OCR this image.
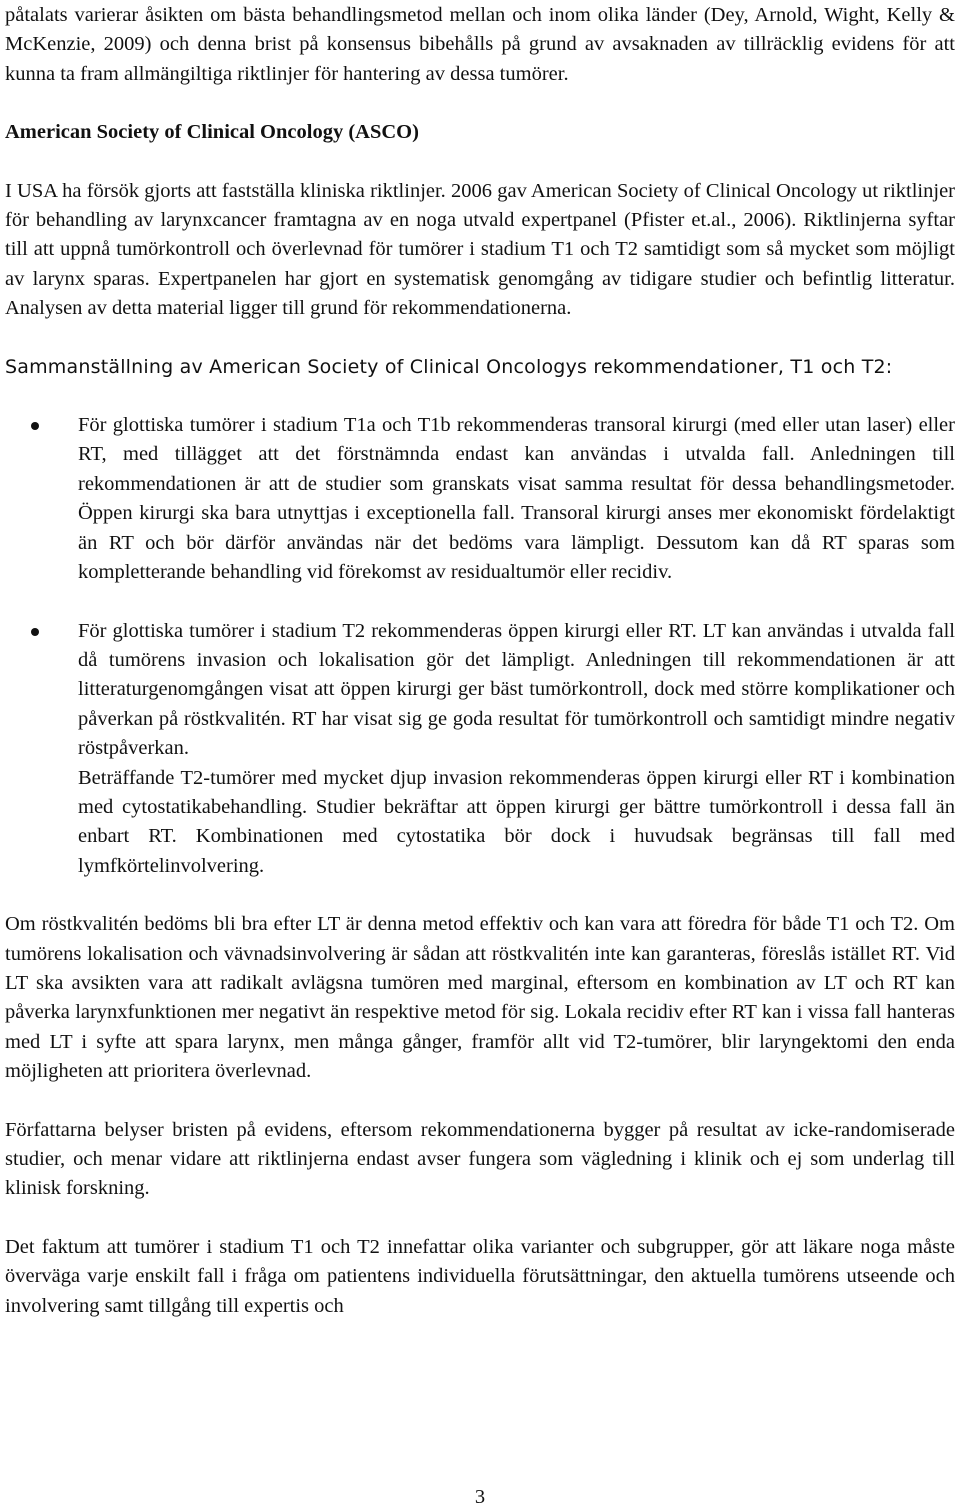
påtalats varierar åsikten om bästa behandlingsmetod mellan och inom olika länder (Dey, Arnold, Wight, Kelly & McKenzie, 2009) och denna brist på konsensus bibehålls på grund av avsaknaden av tillräcklig evidens för att kunna ta fram allmängiltiga riktlinjer för hantering av dessa tumörer.

American Society of Clinical Oncology (ASCO)

I USA ha försök gjorts att fastställa kliniska riktlinjer. 2006 gav American Society of Clinical Oncology ut riktlinjer för behandling av larynxcancer framtagna av en noga utvald expertpanel (Pfister et.al., 2006). Riktlinjerna syftar till att uppnå tumörkontroll och överlevnad för tumörer i stadium T1 och T2 samtidigt som så mycket som möjligt av larynx sparas. Expertpanelen har gjort en systematisk genomgång av tidigare studier och befintlig litteratur. Analysen av detta material ligger till grund för rekommendationerna.

Sammanställning av American Society of Clinical Oncologys rekommendationer, T1 och T2:

För glottiska tumörer i stadium T1a och T1b rekommenderas transoral kirurgi (med eller utan laser) eller RT, med tillägget att det förstnämnda endast kan användas i utvalda fall. Anledningen till rekommendationen är att de studier som granskats visat samma resultat för dessa behandlingsmetoder. Öppen kirurgi ska bara utnyttjas i exceptionella fall. Transoral kirurgi anses mer ekonomiskt fördelaktigt än RT och bör därför användas när det bedöms vara lämpligt. Dessutom kan då RT sparas som kompletterande behandling vid förekomst av residualtumör eller recidiv.
För glottiska tumörer i stadium T2 rekommenderas öppen kirurgi eller RT. LT kan användas i utvalda fall då tumörens invasion och lokalisation gör det lämpligt. Anledningen till rekommendationen är att litteraturgenomgången visat att öppen kirurgi ger bäst tumörkontroll, dock med större komplikationer och påverkan på röstkvalitén. RT har visat sig ge goda resultat för tumörkontroll och samtidigt mindre negativ röstpåverkan.
Beträffande T2-tumörer med mycket djup invasion rekommenderas öppen kirurgi eller RT i kombination med cytostatikabehandling. Studier bekräftar att öppen kirurgi ger bättre tumörkontroll i dessa fall än enbart RT. Kombinationen med cytostatika bör dock i huvudsak begränsas till fall med lymfkörtelinvolvering.

Om röstkvalitén bedöms bli bra efter LT är denna metod effektiv och kan vara att föredra för både T1 och T2. Om tumörens lokalisation och vävnadsinvolvering är sådan att röstkvalitén inte kan garanteras, föreslås istället RT. Vid LT ska avsikten vara att radikalt avlägsna tumören med marginal, eftersom en kombination av LT och RT kan påverka larynxfunktionen mer negativt än respektive metod för sig. Lokala recidiv efter RT kan i vissa fall hanteras med LT i syfte att spara larynx, men många gånger, framför allt vid T2-tumörer, blir laryngektomi den enda möjligheten att prioritera överlevnad.

Författarna belyser bristen på evidens, eftersom rekommendationerna bygger på resultat av icke-randomiserade studier, och menar vidare att riktlinjerna endast avser fungera som vägledning i klinik och ej som underlag till klinisk forskning.

Det faktum att tumörer i stadium T1 och T2 innefattar olika varianter och subgrupper, gör att läkare noga måste överväga varje enskilt fall i fråga om patientens individuella förutsättningar, den aktuella tumörens utseende och involvering samt tillgång till expertis och

3
